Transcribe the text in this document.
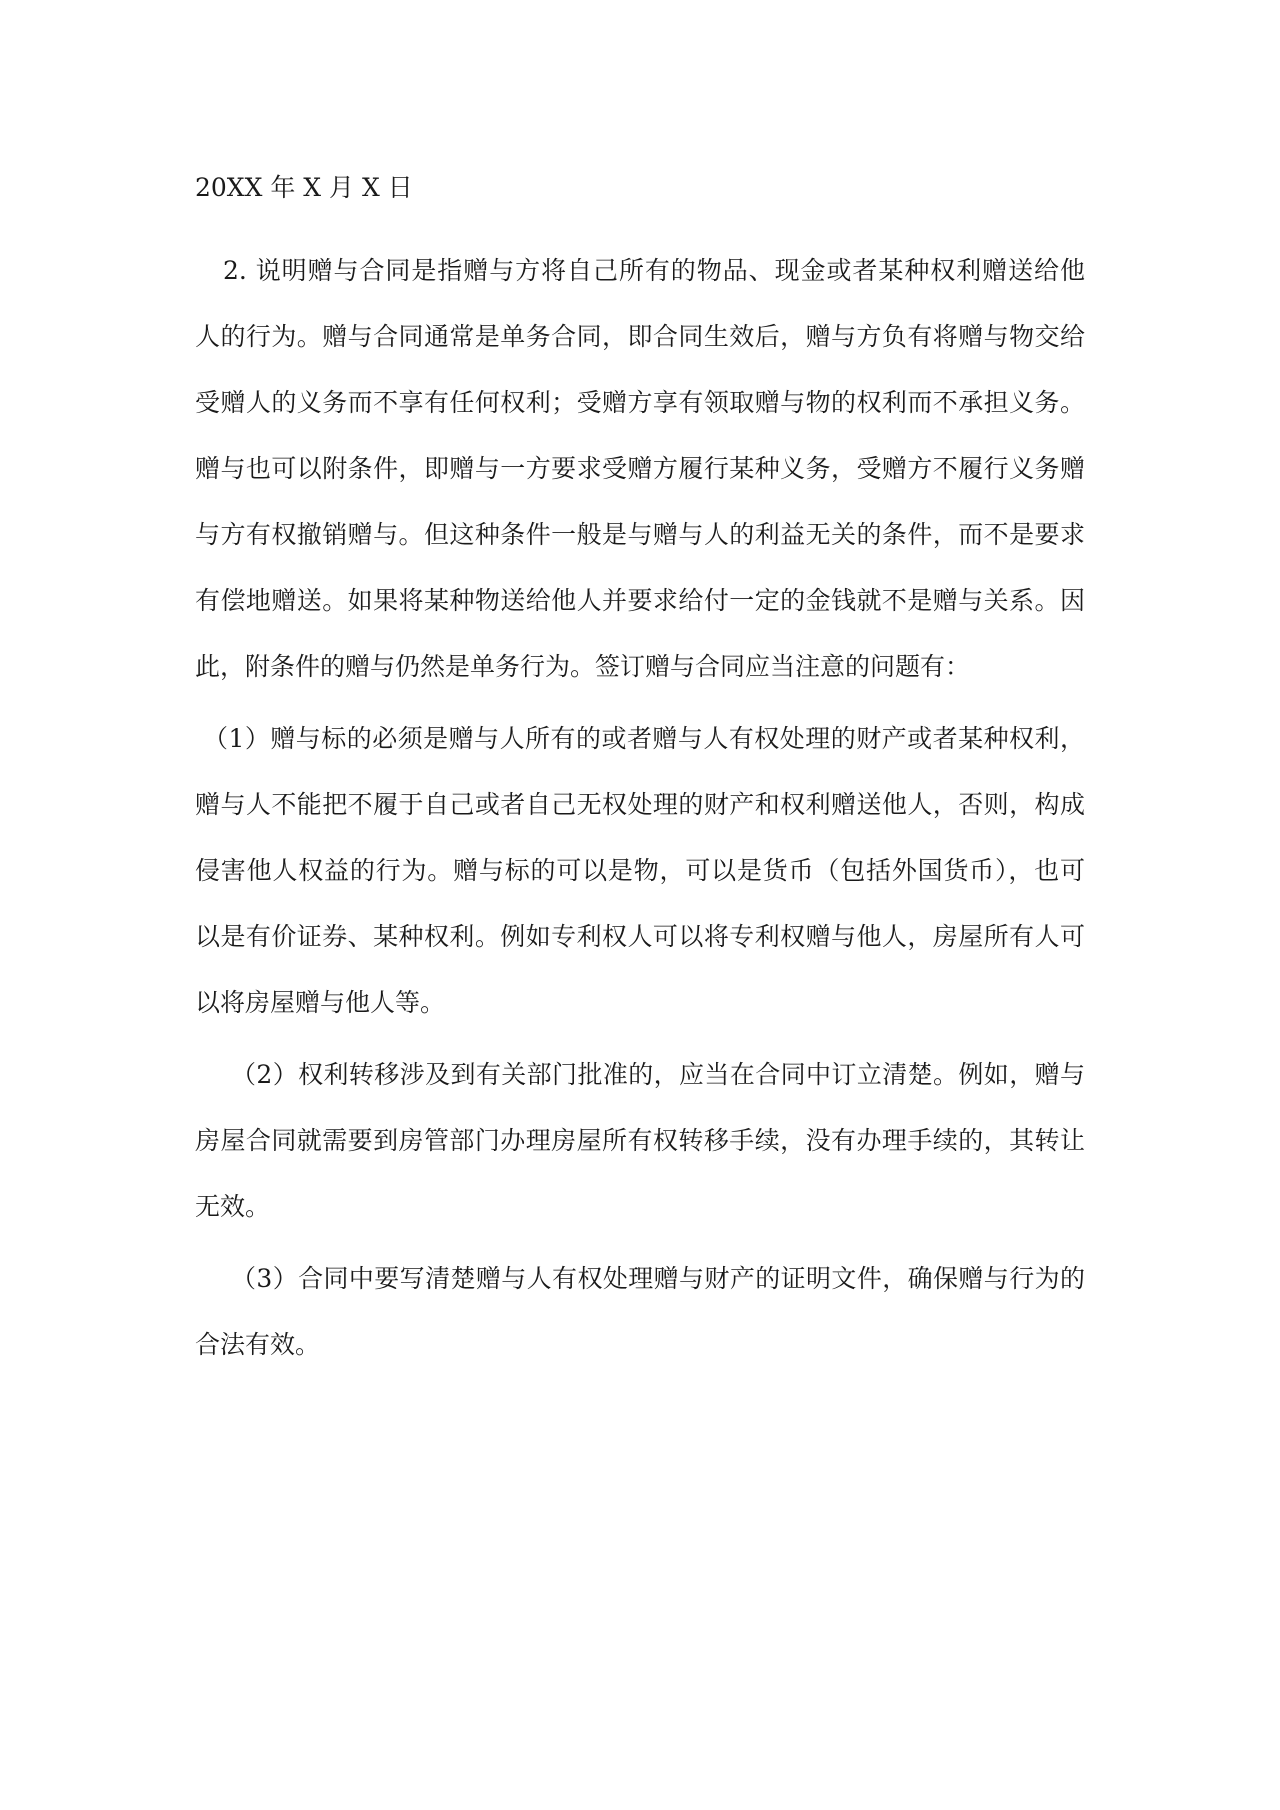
20XX 年 X 月 X 日

　2. 说明赠与合同是指赠与方将自己所有的物品、现金或者某种权利赠送给他

人的行为。赠与合同通常是单务合同，即合同生效后，赠与方负有将赠与物交给

受赠人的义务而不享有任何权利；受赠方享有领取赠与物的权利而不承担义务。

赠与也可以附条件，即赠与一方要求受赠方履行某种义务，受赠方不履行义务赠

与方有权撤销赠与。但这种条件一般是与赠与人的利益无关的条件，而不是要求

有偿地赠送。如果将某种物送给他人并要求给付一定的金钱就不是赠与关系。因

此，附条件的赠与仍然是单务行为。签订赠与合同应当注意的问题有：

（1）赠与标的必须是赠与人所有的或者赠与人有权处理的财产或者某种权利，

赠与人不能把不履于自己或者自己无权处理的财产和权利赠送他人，否则，构成

侵害他人权益的行为。赠与标的可以是物，可以是货币（包括外国货币），也可

以是有价证券、某种权利。例如专利权人可以将专利权赠与他人，房屋所有人可

以将房屋赠与他人等。

（2）权利转移涉及到有关部门批准的，应当在合同中订立清楚。例如，赠与

房屋合同就需要到房管部门办理房屋所有权转移手续，没有办理手续的，其转让

无效。

（3）合同中要写清楚赠与人有权处理赠与财产的证明文件，确保赠与行为的

合法有效。
